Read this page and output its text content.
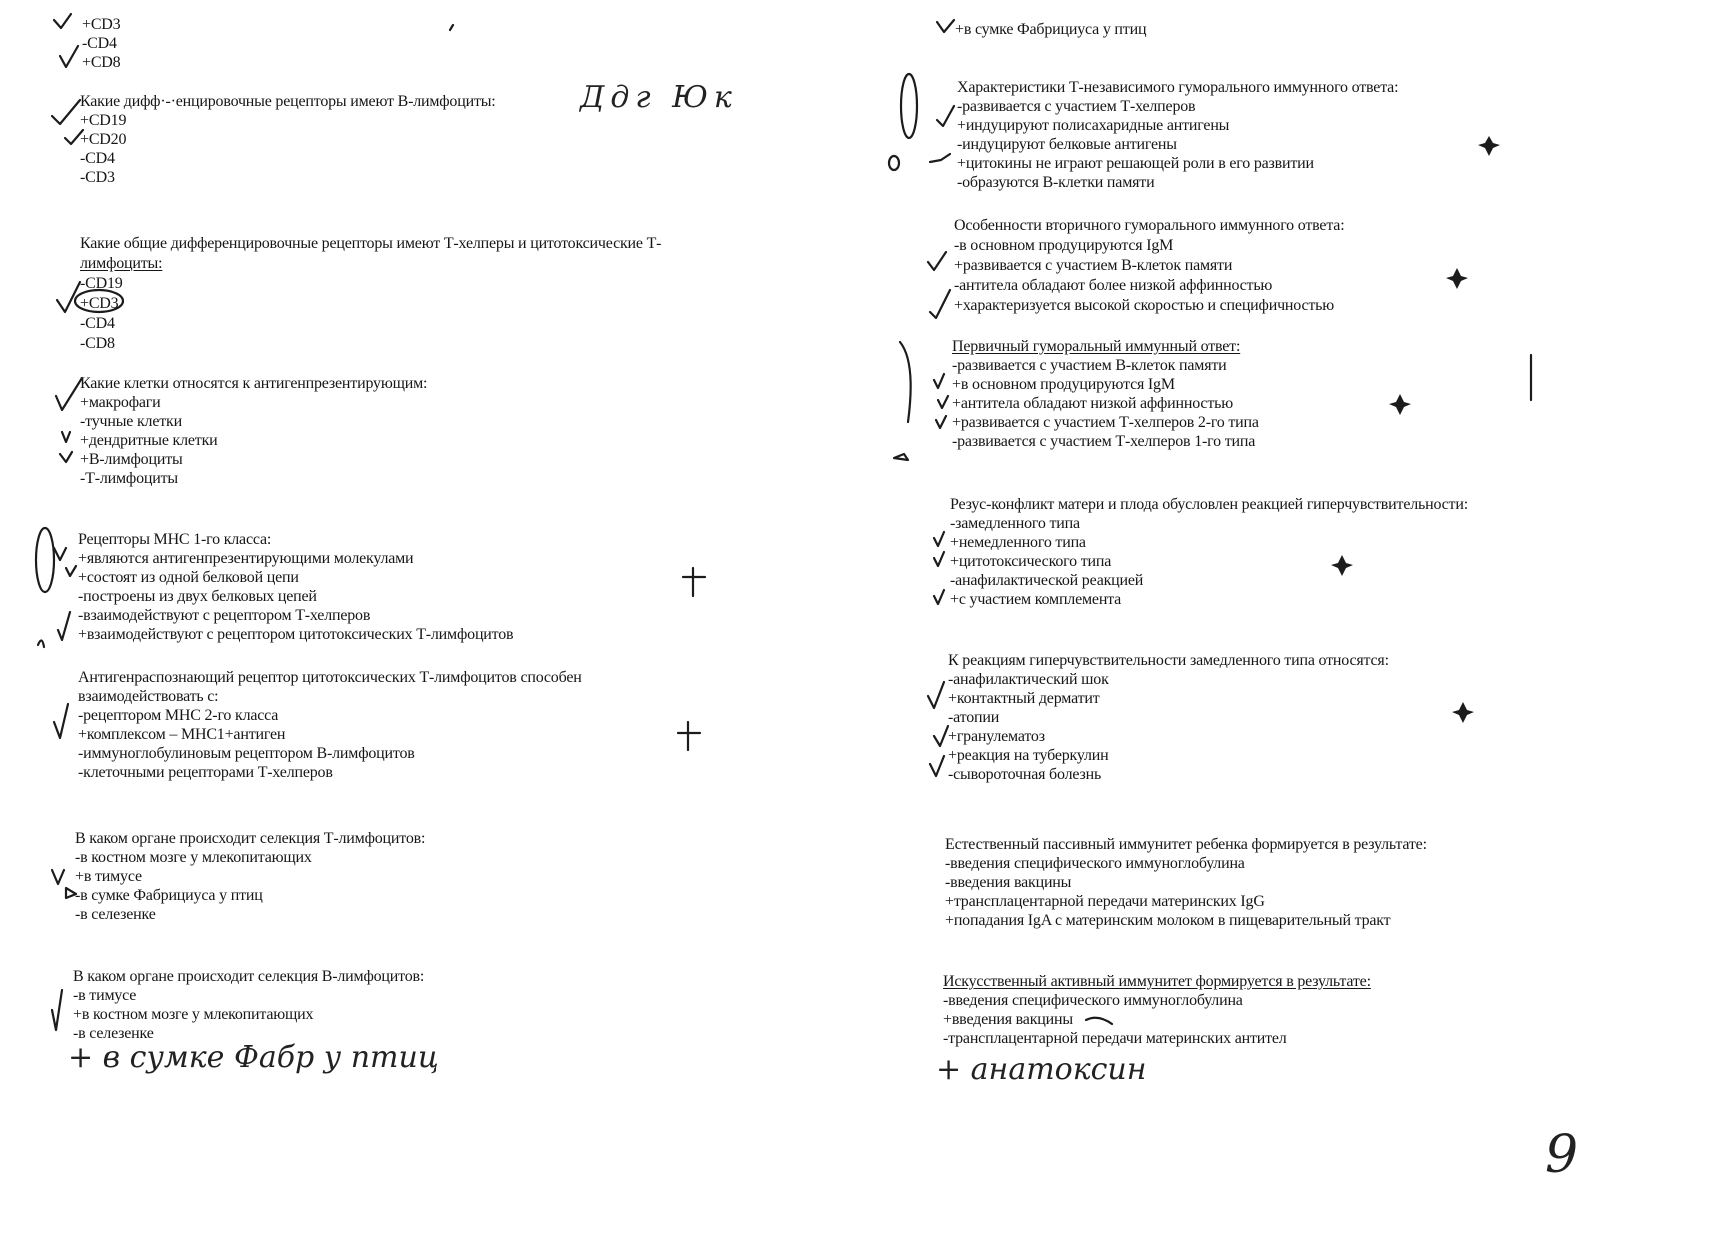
+CD3
-CD4
+CD8
Ддг Юк
Какие дифф·-·енцировочные рецепторы имеют В-лимфоциты:
+CD19
+CD20
-CD4
-CD3
Какие общие дифференцировочные рецепторы имеют Т-хелперы и цитотоксические Т-
лимфоциты:
-CD19
+CD3
-CD4
-CD8
Какие клетки относятся к антигенпрезентирующим:
+макрофаги
-тучные клетки
+дендритные клетки
+В-лимфоциты
-Т-лимфоциты
Рецепторы МНС 1-го класса:
+являются антигенпрезентирующими молекулами
+состоят из одной белковой цепи
-построены из двух белковых цепей
-взаимодействуют с рецептором Т-хелперов
+взаимодействуют с рецептором цитотоксических Т-лимфоцитов
Антигенраспознающий рецептор цитотоксических Т-лимфоцитов способен
взаимодействовать с:
-рецептором МНС 2-го класса
+комплексом – МНС1+антиген
-иммуноглобулиновым рецептором В-лимфоцитов
-клеточными рецепторами Т-хелперов
В каком органе происходит селекция Т-лимфоцитов:
-в костном мозге у млекопитающих
+в тимусе
-в сумке Фабрициуса у птиц
-в селезенке
В каком органе происходит селекция В-лимфоцитов:
-в тимусе
+в костном мозге у млекопитающих
-в селезенке
+ в сумке Фабр у птиц
+в сумке Фабрициуса у птиц
Характеристики Т-независимого гуморального иммунного ответа:
-развивается с участием Т-хелперов
+индуцируют полисахаридные антигены
-индуцируют белковые антигены
+цитокины не играют решающей роли в его развитии
-образуются В-клетки памяти
Особенности вторичного гуморального иммунного ответа:
-в основном продуцируются IgM
+развивается с участием В-клеток памяти
-антитела обладают более низкой аффинностью
+характеризуется высокой скоростью и специфичностью
Первичный гуморальный иммунный ответ:
-развивается с участием В-клеток памяти
+в основном продуцируются IgM
+антитела обладают низкой аффинностью
+развивается с участием Т-хелперов 2-го типа
-развивается с участием Т-хелперов 1-го типа
Резус-конфликт матери и плода обусловлен реакцией гиперчувствительности:
-замедленного типа
+немедленного типа
+цитотоксического типа
-анафилактической реакцией
+с участием комплемента
К реакциям гиперчувствительности замедленного типа относятся:
-анафилактический шок
+контактный дерматит
-атопии
+гранулематоз
+реакция на туберкулин
-сывороточная болезнь
Естественный пассивный иммунитет ребенка формируется в результате:
-введения специфического иммуноглобулина
-введения вакцины
+трансплацентарной передачи материнских IgG
+попадания IgA с материнским молоком в пищеварительный тракт
Искусственный активный иммунитет формируется в результате:
-введения специфического иммуноглобулина
+введения вакцины
-трансплацентарной передачи материнских антител
+ анатоксин
9
